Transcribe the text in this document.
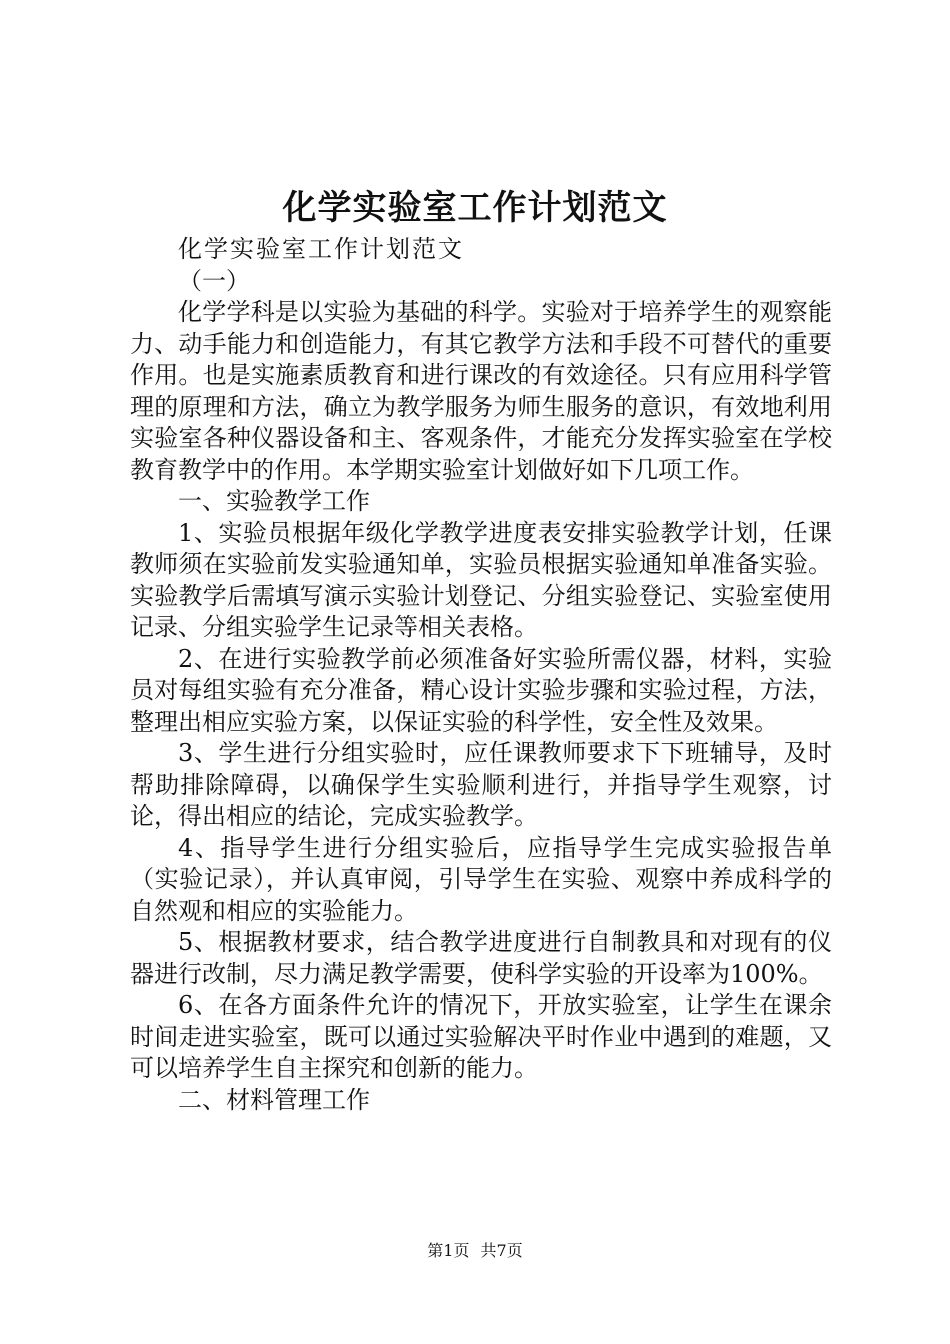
化学实验室工作计划范文

化学实验室工作计划范文

（一）

化学学科是以实验为基础的科学。实验对于培养学生的观察能力、动手能力和创造能力，有其它教学方法和手段不可替代的重要作用。也是实施素质教育和进行课改的有效途径。只有应用科学管理的原理和方法，确立为教学服务为师生服务的意识，有效地利用实验室各种仪器设备和主、客观条件，才能充分发挥实验室在学校教育教学中的作用。本学期实验室计划做好如下几项工作。

一、实验教学工作

1、实验员根据年级化学教学进度表安排实验教学计划，任课教师须在实验前发实验通知单，实验员根据实验通知单准备实验。实验教学后需填写演示实验计划登记、分组实验登记、实验室使用记录、分组实验学生记录等相关表格。

2、在进行实验教学前必须准备好实验所需仪器，材料，实验员对每组实验有充分准备，精心设计实验步骤和实验过程，方法，整理出相应实验方案，以保证实验的科学性，安全性及效果。

3、学生进行分组实验时，应任课教师要求下下班辅导，及时帮助排除障碍，以确保学生实验顺利进行，并指导学生观察，讨论，得出相应的结论，完成实验教学。

4、指导学生进行分组实验后，应指导学生完成实验报告单（实验记录），并认真审阅，引导学生在实验、观察中养成科学的自然观和相应的实验能力。

5、根据教材要求，结合教学进度进行自制教具和对现有的仪器进行改制，尽力满足教学需要，使科学实验的开设率为100%。

6、在各方面条件允许的情况下，开放实验室，让学生在课余时间走进实验室，既可以通过实验解决平时作业中遇到的难题，又可以培养学生自主探究和创新的能力。

二、材料管理工作

第1页 共7页
